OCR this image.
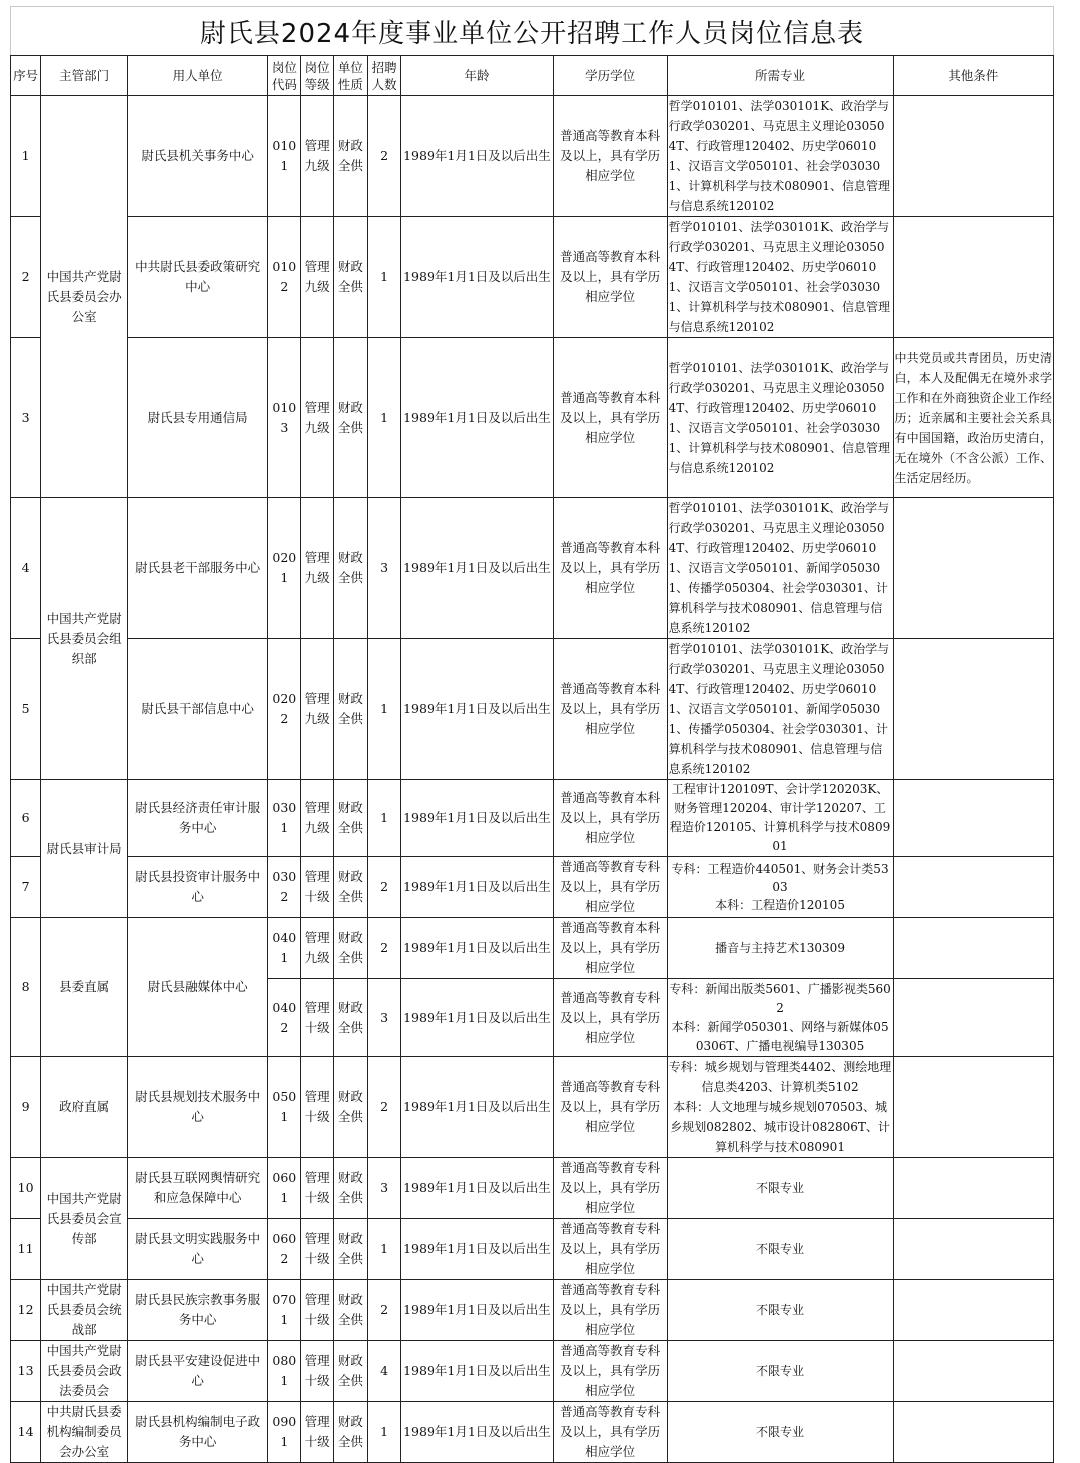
尉氏县2024年度事业单位公开招聘工作人员岗位信息表
序号	主管部门	用人单位	岗位代码	岗位等级	单位性质	招聘人数	年龄	学历学位	所需专业	其他条件
1	中国共产党尉氏县委员会办公室	尉氏县机关事务中心	0101	管理九级	财政全供	2	1989年1月1日及以后出生	普通高等教育本科及以上，具有学历相应学位	哲学010101、法学030101K、政治学与行政学030201、马克思主义理论030504T、行政管理120402、历史学060101、汉语言文学050101、社会学030301、计算机科学与技术080901、信息管理与信息系统120102	
2		中共尉氏县委政策研究中心	0102	管理九级	财政全供	1	1989年1月1日及以后出生	普通高等教育本科及以上，具有学历相应学位	哲学010101、法学030101K、政治学与行政学030201、马克思主义理论030504T、行政管理120402、历史学060101、汉语言文学050101、社会学030301、计算机科学与技术080901、信息管理与信息系统120102	
3		尉氏县专用通信局	0103	管理九级	财政全供	1	1989年1月1日及以后出生	普通高等教育本科及以上，具有学历相应学位	哲学010101、法学030101K、政治学与行政学030201、马克思主义理论030504T、行政管理120402、历史学060101、汉语言文学050101、社会学030301、计算机科学与技术080901、信息管理与信息系统120102	中共党员或共青团员，历史清白，本人及配偶无在境外求学工作和在外商独资企业工作经历；近亲属和主要社会关系具有中国国籍，政治历史清白，无在境外（不含公派）工作、生活定居经历。
4	中国共产党尉氏县委员会组织部	尉氏县老干部服务中心	0201	管理九级	财政全供	3	1989年1月1日及以后出生	普通高等教育本科及以上，具有学历相应学位	哲学010101、法学030101K、政治学与行政学030201、马克思主义理论030504T、行政管理120402、历史学060101、汉语言文学050101、新闻学050301、传播学050304、社会学030301、计算机科学与技术080901、信息管理与信息系统120102	
5		尉氏县干部信息中心	0202	管理九级	财政全供	1	1989年1月1日及以后出生	普通高等教育本科及以上，具有学历相应学位	哲学010101、法学030101K、政治学与行政学030201、马克思主义理论030504T、行政管理120402、历史学060101、汉语言文学050101、新闻学050301、传播学050304、社会学030301、计算机科学与技术080901、信息管理与信息系统120102	
6	尉氏县审计局	尉氏县经济责任审计服务中心	0301	管理九级	财政全供	1	1989年1月1日及以后出生	普通高等教育本科及以上，具有学历相应学位	工程审计120109T、会计学120203K、财务管理120204、审计学120207、工程造价120105、计算机科学与技术080901	
7		尉氏县投资审计服务中心	0302	管理十级	财政全供	2	1989年1月1日及以后出生	普通高等教育专科及以上，具有学历相应学位	专科：工程造价440501、财务会计类5303
本科：工程造价120105	

8	县委直属	尉氏县融媒体中心	0401	管理九级	财政全供	2	1989年1月1日及以后出生	普通高等教育本科及以上，具有学历相应学位	播音与主持艺术130309	
			0402	管理十级	财政全供	3	1989年1月1日及以后出生	普通高等教育专科及以上，具有学历相应学位	专科：新闻出版类5601、广播影视类5602
本科：新闻学050301、网络与新媒体050306T、广播电视编导130305	

9	政府直属	尉氏县规划技术服务中心	0501	管理十级	财政全供	2	1989年1月1日及以后出生	普通高等教育专科及以上，具有学历相应学位	专科：城乡规划与管理类4402、测绘地理信息类4203、计算机类5102
本科：人文地理与城乡规划070503、城乡规划082802、城市设计082806T、计算机科学与技术080901	

10	中国共产党尉氏县委员会宣传部	尉氏县互联网舆情研究和应急保障中心	0601	管理十级	财政全供	3	1989年1月1日及以后出生	普通高等教育专科及以上，具有学历相应学位	不限专业	
11		尉氏县文明实践服务中心	0602	管理十级	财政全供	1	1989年1月1日及以后出生	普通高等教育专科及以上，具有学历相应学位	不限专业	
12	中国共产党尉氏县委员会统战部	尉氏县民族宗教事务服务中心	0701	管理十级	财政全供	2	1989年1月1日及以后出生	普通高等教育专科及以上，具有学历相应学位	不限专业	
13	中国共产党尉氏县委员会政法委员会	尉氏县平安建设促进中心	0801	管理十级	财政全供	4	1989年1月1日及以后出生	普通高等教育专科及以上，具有学历相应学位	不限专业	
14	中共尉氏县委机构编制委员会办公室	尉氏县机构编制电子政务中心	0901	管理十级	财政全供	1	1989年1月1日及以后出生	普通高等教育专科及以上，具有学历相应学位	不限专业	
